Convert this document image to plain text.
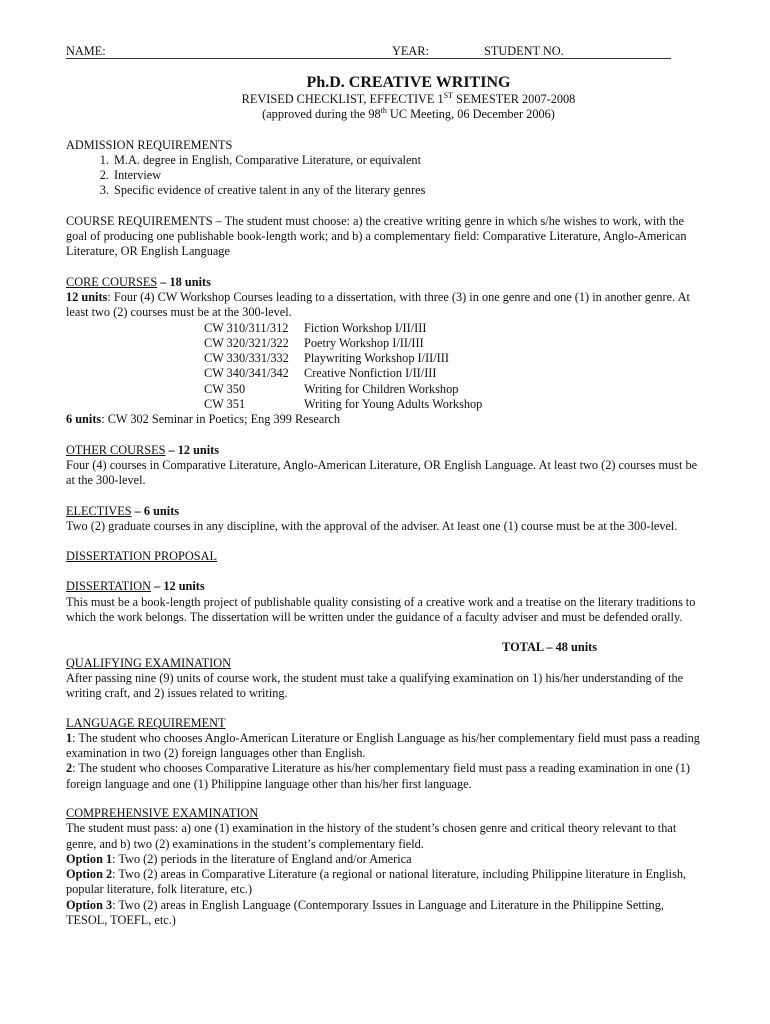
NAME:	YEAR:	STUDENT NO.
Ph.D. CREATIVE WRITING
REVISED CHECKLIST, EFFECTIVE 1ST SEMESTER 2007-2008
(approved during the 98th UC Meeting, 06 December 2006)

ADMISSION REQUIREMENTS

1. M.A. degree in English, Comparative Literature, or equivalent
2. Interview
3. Specific evidence of creative talent in any of the literary genres

COURSE REQUIREMENTS – The student must choose: a) the creative writing genre in which s/he wishes to work, with the goal of producing one publishable book-length work; and b) a complementary field: Comparative Literature, Anglo-American Literature, OR English Language

CORE COURSES – 18 units

12 units: Four (4) CW Workshop Courses leading to a dissertation, with three (3) in one genre and one (1) in another genre. At least two (2) courses must be at the 300-level.

CW 310/311/312	Fiction Workshop I/II/III
CW 320/321/322	Poetry Workshop I/II/III
CW 330/331/332	Playwriting Workshop I/II/III
CW 340/341/342	Creative Nonfiction I/II/III
CW 350	Writing for Children Workshop
CW 351	Writing for Young Adults Workshop

6 units: CW 302 Seminar in Poetics; Eng 399 Research

OTHER COURSES – 12 units

Four (4) courses in Comparative Literature, Anglo-American Literature, OR English Language. At least two (2) courses must be at the 300-level.

ELECTIVES – 6 units

Two (2) graduate courses in any discipline, with the approval of the adviser. At least one (1) course must be at the 300-level.

DISSERTATION PROPOSAL

DISSERTATION – 12 units

This must be a book-length project of publishable quality consisting of a creative work and a treatise on the literary traditions to which the work belongs. The dissertation will be written under the guidance of a faculty adviser and must be defended orally.

TOTAL – 48 units

QUALIFYING EXAMINATION

After passing nine (9) units of course work, the student must take a qualifying examination on 1) his/her understanding of the writing craft, and 2) issues related to writing.

LANGUAGE REQUIREMENT

1: The student who chooses Anglo-American Literature or English Language as his/her complementary field must pass a reading examination in two (2) foreign languages other than English.

2: The student who chooses Comparative Literature as his/her complementary field must pass a reading examination in one (1) foreign language and one (1) Philippine language other than his/her first language.

COMPREHENSIVE EXAMINATION

The student must pass: a) one (1) examination in the history of the student’s chosen genre and critical theory relevant to that genre, and b) two (2) examinations in the student’s complementary field.

Option 1: Two (2) periods in the literature of England and/or America

Option 2: Two (2) areas in Comparative Literature (a regional or national literature, including Philippine literature in English, popular literature, folk literature, etc.)

Option 3: Two (2) areas in English Language (Contemporary Issues in Language and Literature in the Philippine Setting, TESOL, TOEFL, etc.)
